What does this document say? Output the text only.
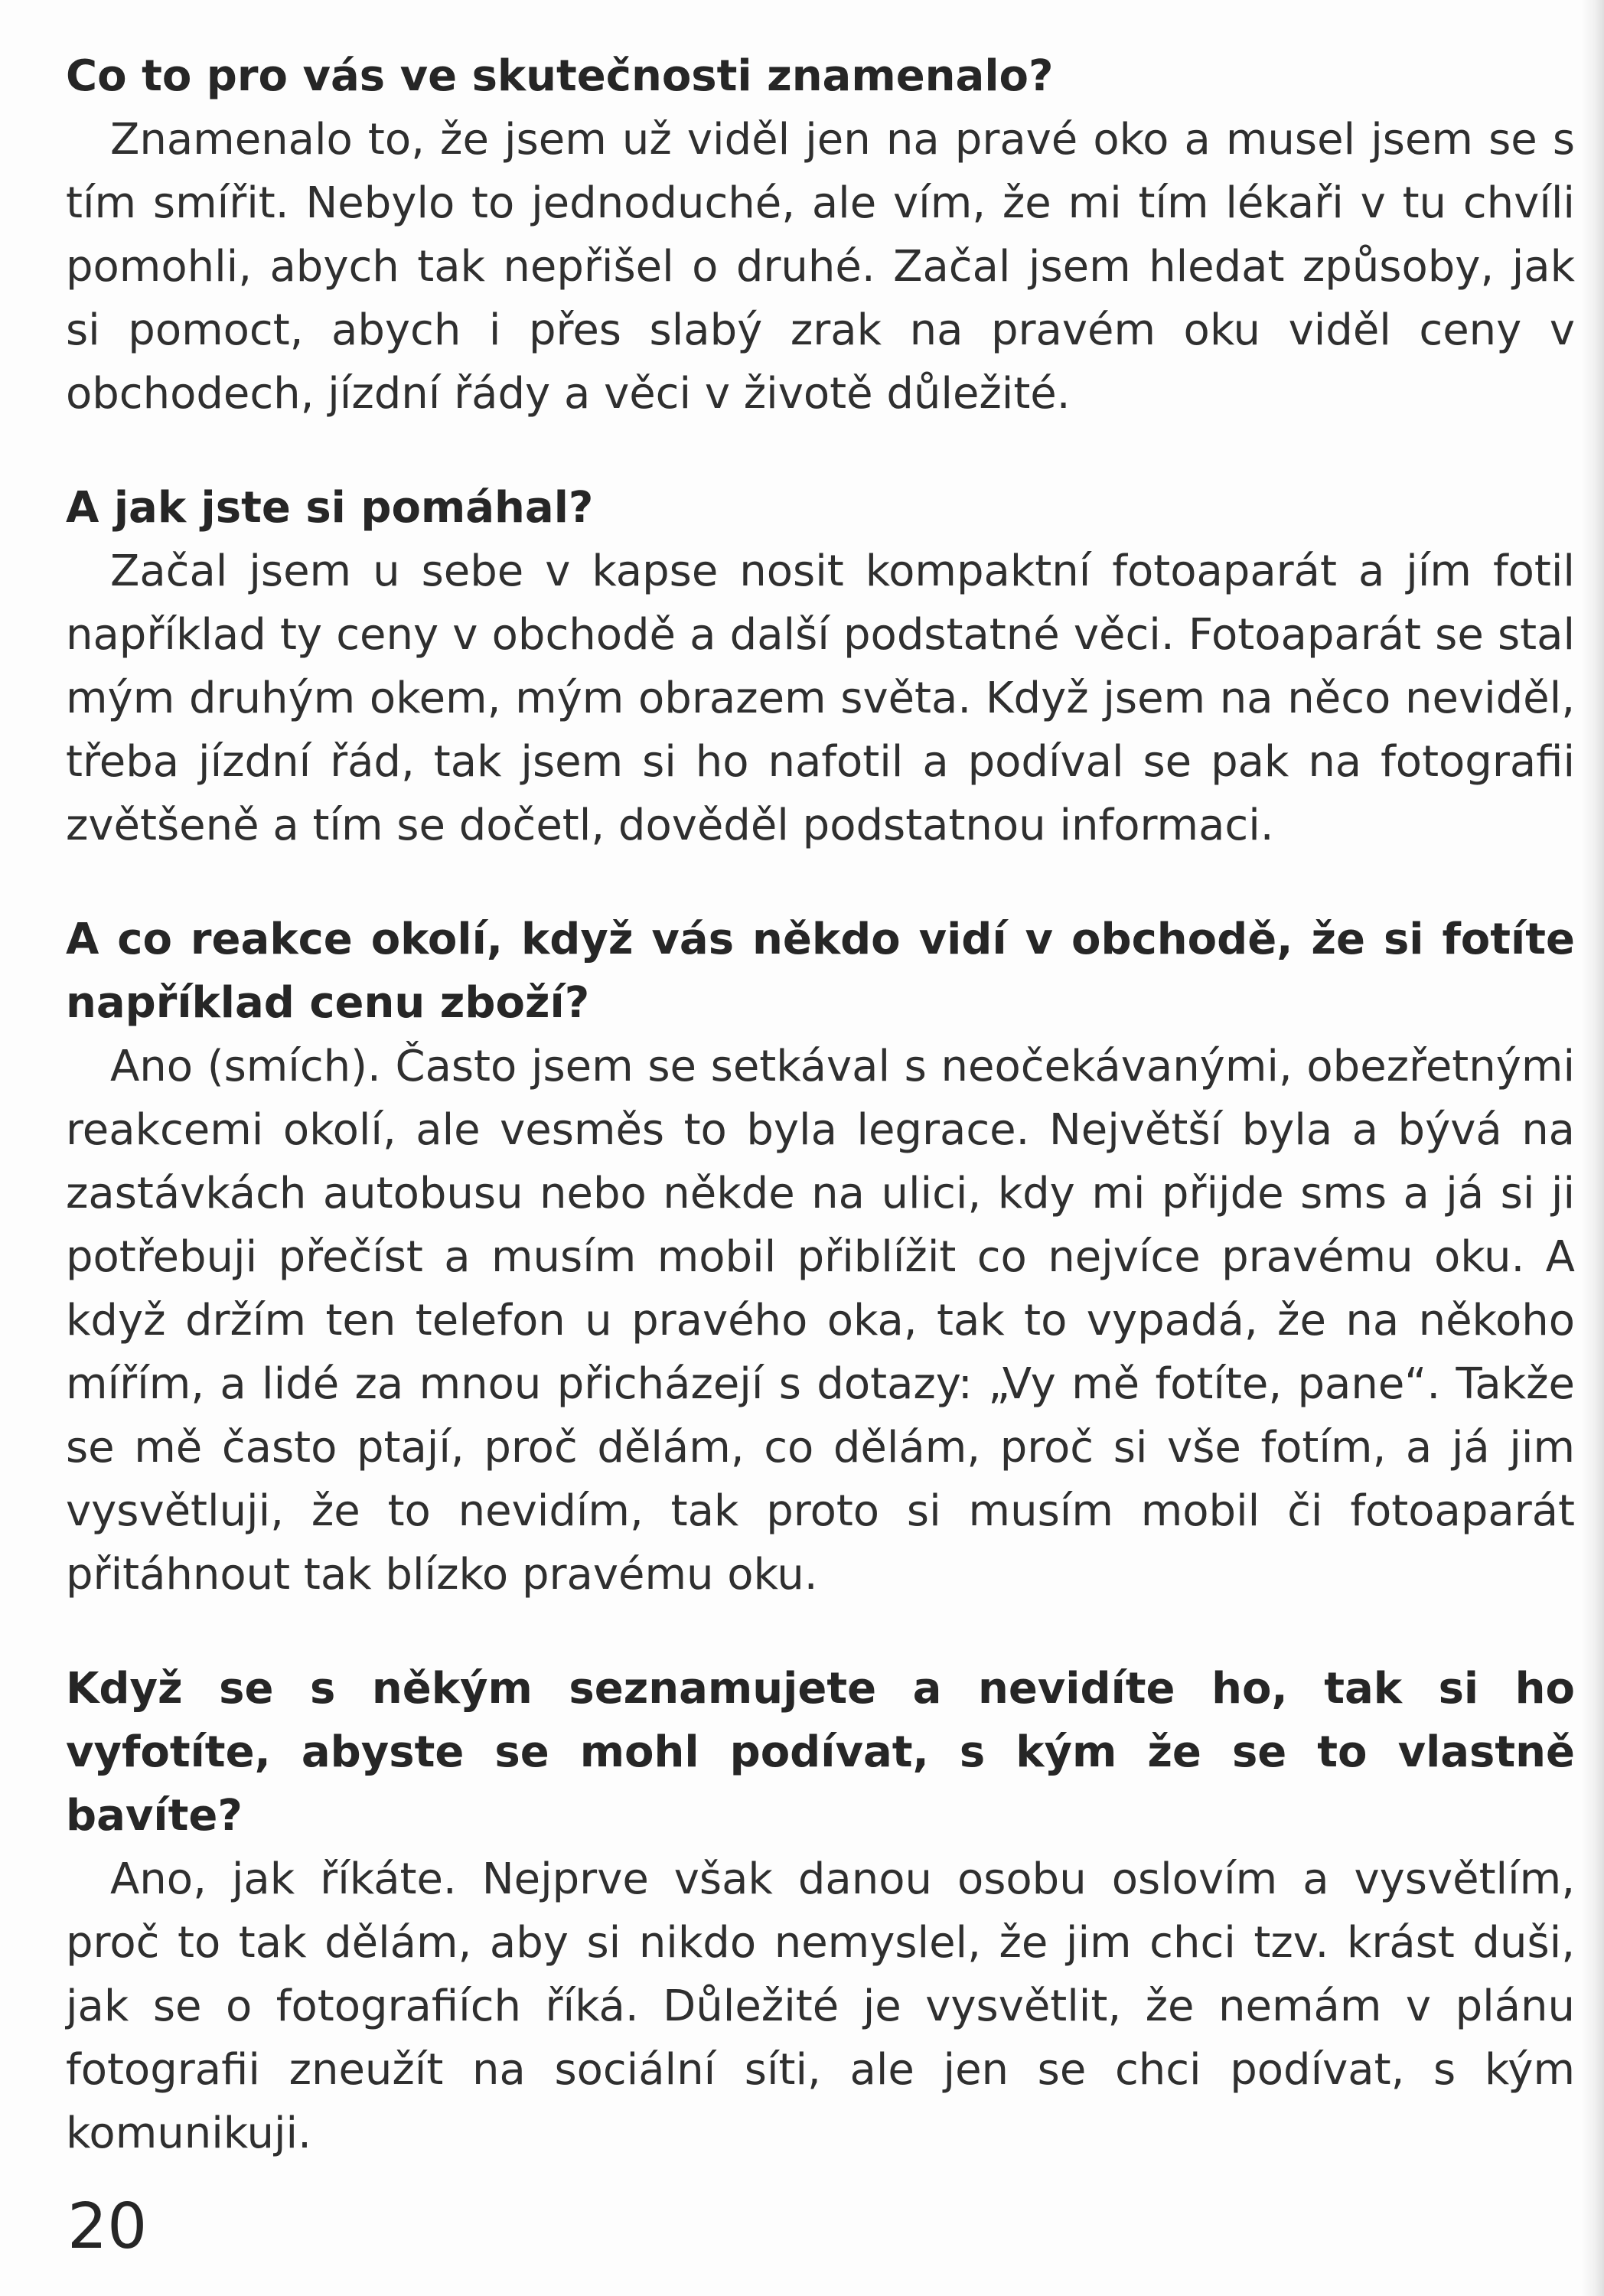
Co to pro vás ve skutečnosti znamenalo?

Znamenalo to, že jsem už viděl jen na pravé oko a musel jsem se s tím smířit. Nebylo to jednoduché, ale vím, že mi tím lékaři v tu chvíli pomohli, abych tak nepřišel o druhé. Začal jsem hledat způsoby, jak si pomoct, abych i přes slabý zrak na pravém oku viděl ceny v obchodech, jízdní řády a věci v životě důležité.

A jak jste si pomáhal?

Začal jsem u sebe v kapse nosit kompaktní fotoaparát a jím fotil například ty ceny v obchodě a další podstatné věci. Fotoaparát se stal mým druhým okem, mým obrazem světa. Když jsem na něco neviděl, třeba jízdní řád, tak jsem si ho nafotil a podíval se pak na fotografii zvětšeně a tím se dočetl, dověděl podstatnou informaci.

A co reakce okolí, když vás někdo vidí v obchodě, že si fotíte například cenu zboží?

Ano (smích). Často jsem se setkával s neočekávanými, obezřetnými reakcemi okolí, ale vesměs to byla legrace. Největší byla a bývá na zastávkách autobusu nebo někde na ulici, kdy mi přijde sms a já si ji potřebuji přečíst a musím mobil přiblížit co nejvíce pravému oku. A když držím ten telefon u pravého oka, tak to vypadá, že na někoho mířím, a lidé za mnou přicházejí s dotazy: „Vy mě fotíte, pane“. Takže se mě často ptají, proč dělám, co dělám, proč si vše fotím, a já jim vysvětluji, že to nevidím, tak proto si musím mobil či fotoaparát přitáhnout tak blízko pravému oku.

Když se s někým seznamujete a nevidíte ho, tak si ho vyfotíte, abyste se mohl podívat, s kým že se to vlastně bavíte?

Ano, jak říkáte. Nejprve však danou osobu oslovím a vysvětlím, proč to tak dělám, aby si nikdo nemyslel, že jim chci tzv. krást duši, jak se o fotografiích říká. Důležité je vysvětlit, že nemám v plánu fotografii zneužít na sociální síti, ale jen se chci podívat, s kým komunikuji.

20
